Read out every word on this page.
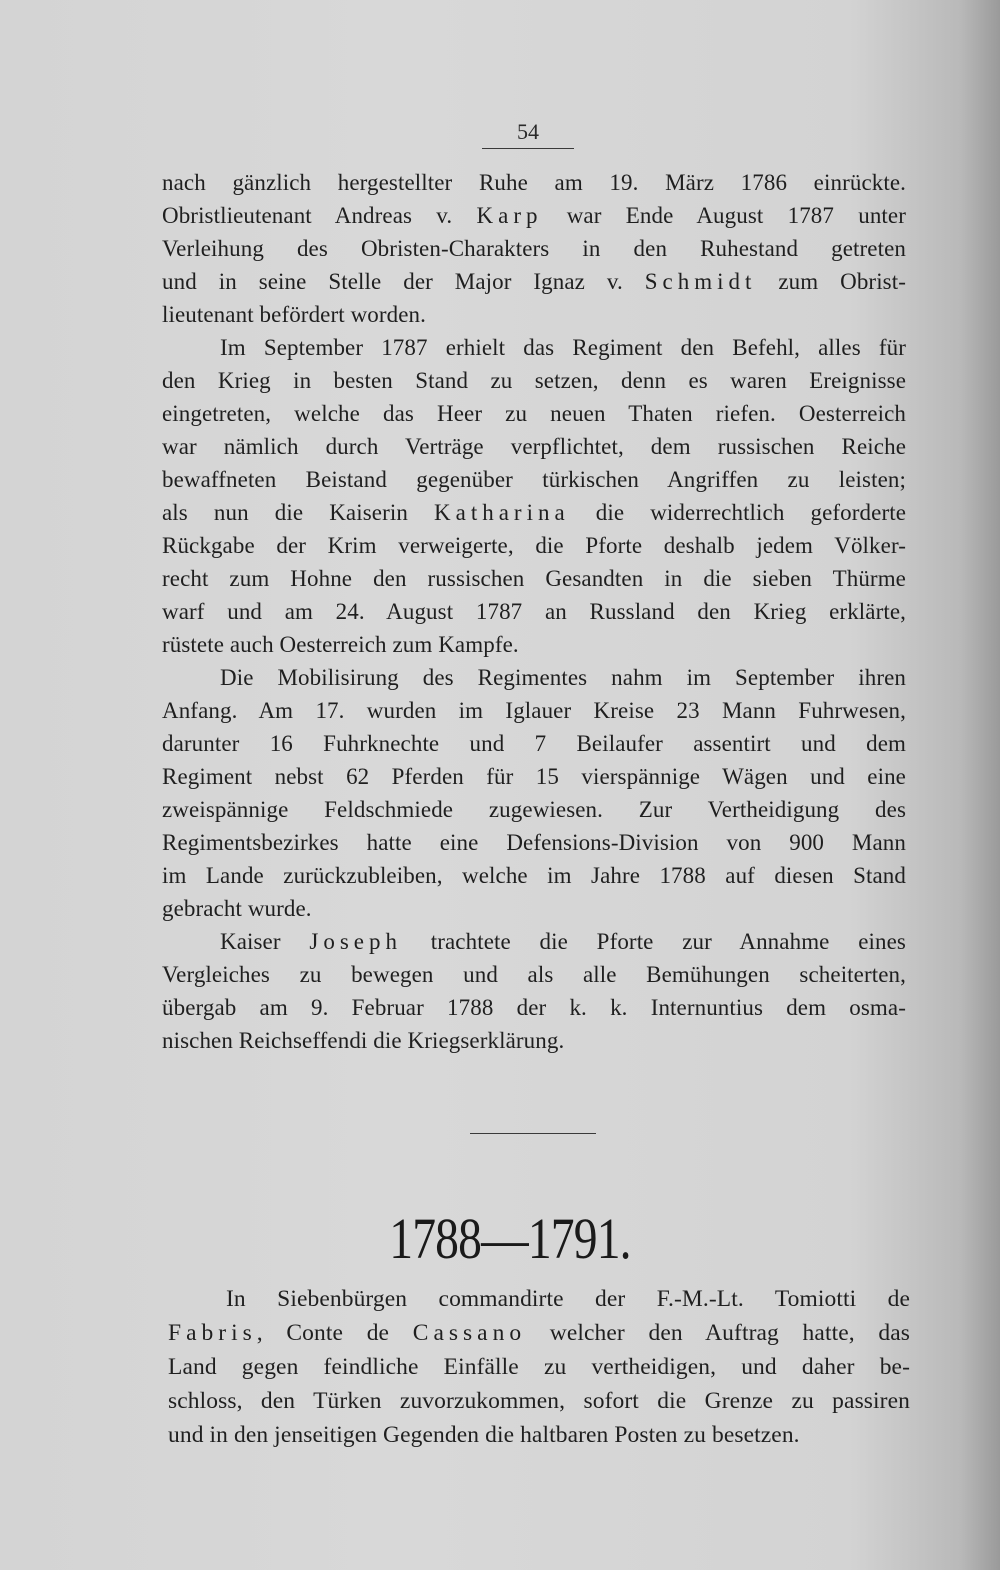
54
nach gänzlich hergestellter Ruhe am 19. März 1786 einrückte.
Obristlieutenant Andreas v. Karp war Ende August 1787 unter
Verleihung des Obristen-Charakters in den Ruhestand getreten
und in seine Stelle der Major Ignaz v. Schmidt zum Obrist-
lieutenant befördert worden.
Im September 1787 erhielt das Regiment den Befehl, alles für
den Krieg in besten Stand zu setzen, denn es waren Ereignisse
eingetreten, welche das Heer zu neuen Thaten riefen. Oesterreich
war nämlich durch Verträge verpflichtet, dem russischen Reiche
bewaffneten Beistand gegenüber türkischen Angriffen zu leisten;
als nun die Kaiserin Katharina die widerrechtlich geforderte
Rückgabe der Krim verweigerte, die Pforte deshalb jedem Völker-
recht zum Hohne den russischen Gesandten in die sieben Thürme
warf und am 24. August 1787 an Russland den Krieg erklärte,
rüstete auch Oesterreich zum Kampfe.
Die Mobilisirung des Regimentes nahm im September ihren
Anfang. Am 17. wurden im Iglauer Kreise 23 Mann Fuhrwesen,
darunter 16 Fuhrknechte und 7 Beilaufer assentirt und dem
Regiment nebst 62 Pferden für 15 vierspännige Wägen und eine
zweispännige Feldschmiede zugewiesen. Zur Vertheidigung des
Regimentsbezirkes hatte eine Defensions-Division von 900 Mann
im Lande zurückzubleiben, welche im Jahre 1788 auf diesen Stand
gebracht wurde.
Kaiser Joseph trachtete die Pforte zur Annahme eines
Vergleiches zu bewegen und als alle Bemühungen scheiterten,
übergab am 9. Februar 1788 der k. k. Internuntius dem osma-
nischen Reichseffendi die Kriegserklärung.
1788—1791.
In Siebenbürgen commandirte der F.-M.-Lt. Tomiotti de
Fabris, Conte de Cassano welcher den Auftrag hatte, das
Land gegen feindliche Einfälle zu vertheidigen, und daher be-
schloss, den Türken zuvorzukommen, sofort die Grenze zu passiren
und in den jenseitigen Gegenden die haltbaren Posten zu besetzen.
